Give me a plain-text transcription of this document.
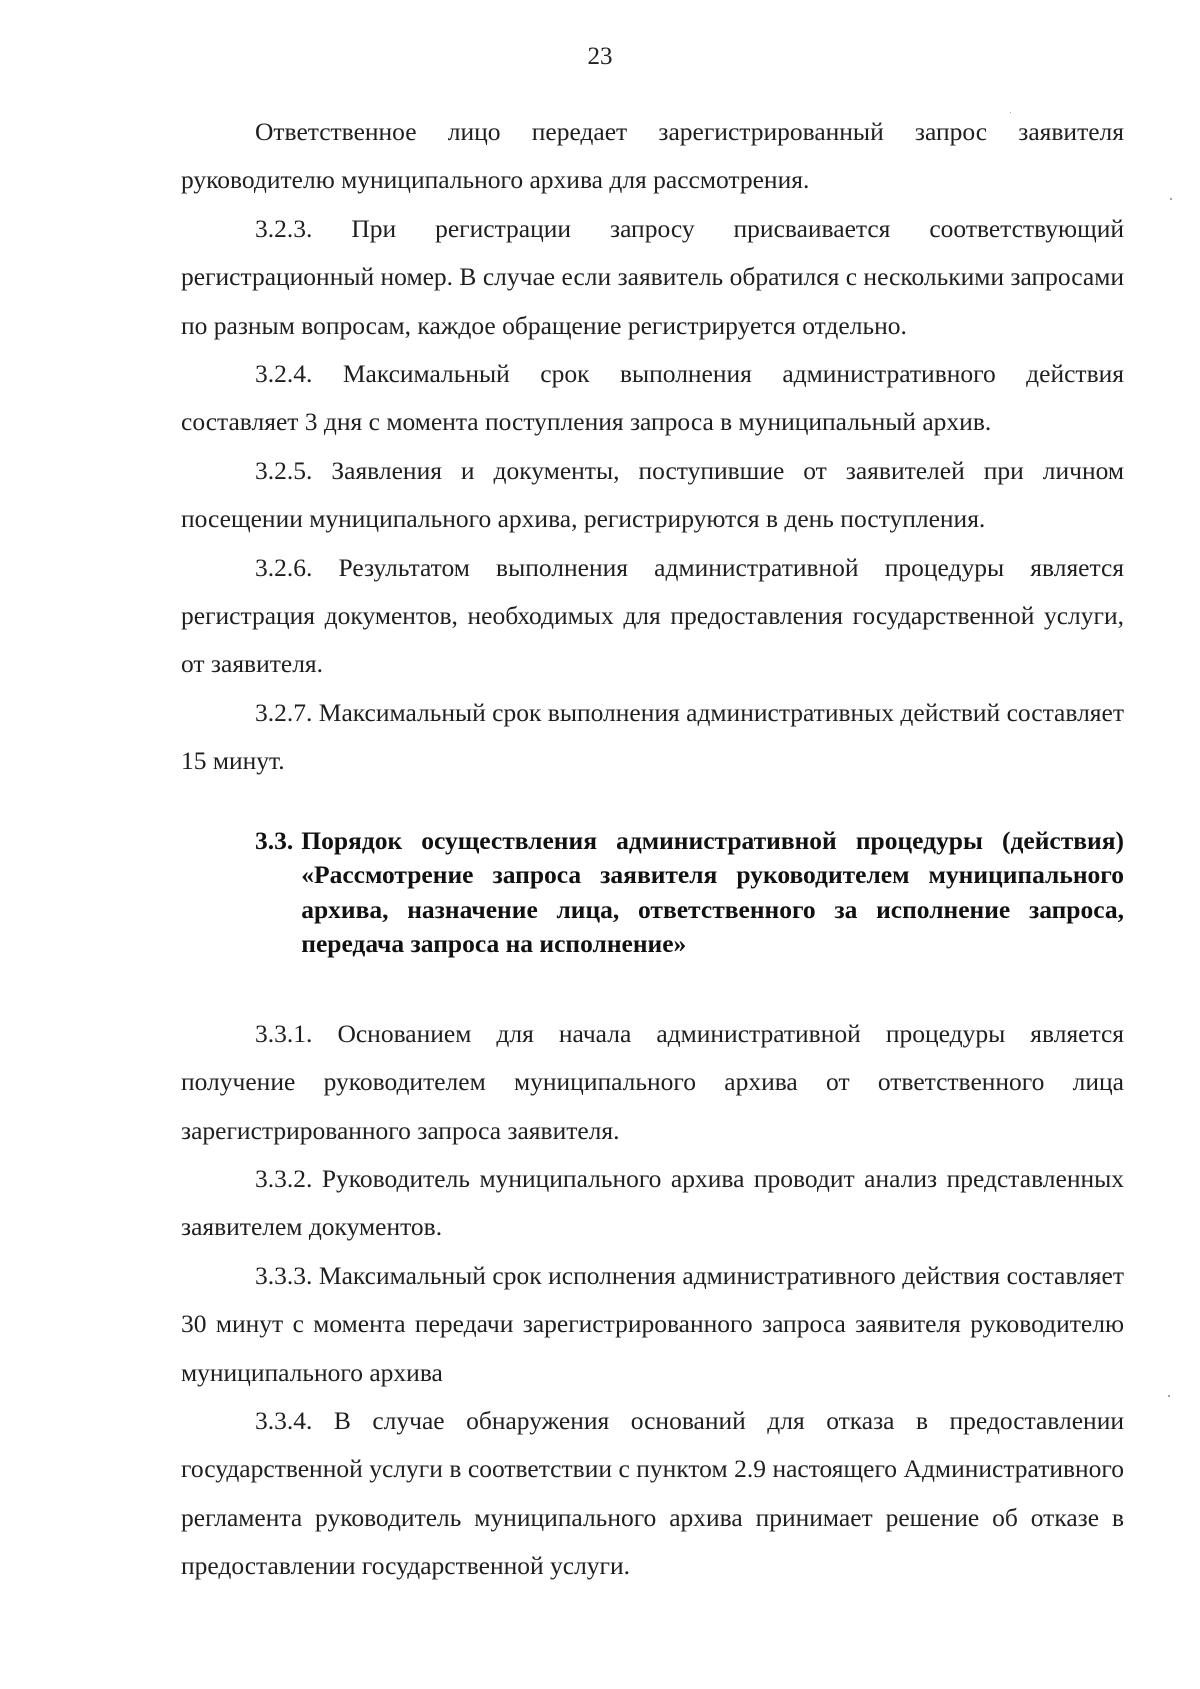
23

Ответственное лицо передает зарегистрированный запрос заявителя руководителю муниципального архива для рассмотрения.

3.2.3. При регистрации запросу присваивается соответствующий регистрационный номер. В случае если заявитель обратился с несколькими запросами по разным вопросам, каждое обращение регистрируется отдельно.

3.2.4. Максимальный срок выполнения административного действия составляет 3 дня с момента поступления запроса в муниципальный архив.

3.2.5. Заявления и документы, поступившие от заявителей при личном посещении муниципального архива, регистрируются в день поступления.

3.2.6. Результатом выполнения административной процедуры является регистрация документов, необходимых для предоставления государственной услуги, от заявителя.

3.2.7. Максимальный срок выполнения административных действий составляет 15 минут.

3.3. Порядок осуществления административной процедуры (действия) «Рассмотрение запроса заявителя руководителем муниципального архива, назначение лица, ответственного за исполнение запроса, передача запроса на исполнение»

3.3.1. Основанием для начала административной процедуры является получение руководителем муниципального архива от ответственного лица зарегистрированного запроса заявителя.

3.3.2. Руководитель муниципального архива проводит анализ представленных заявителем документов.

3.3.3. Максимальный срок исполнения административного действия составляет 30 минут с момента передачи зарегистрированного запроса заявителя руководителю муниципального архива

3.3.4. В случае обнаружения оснований для отказа в предоставлении государственной услуги в соответствии с пунктом 2.9 настоящего Административного регламента руководитель муниципального архива принимает решение об отказе в предоставлении государственной услуги.
